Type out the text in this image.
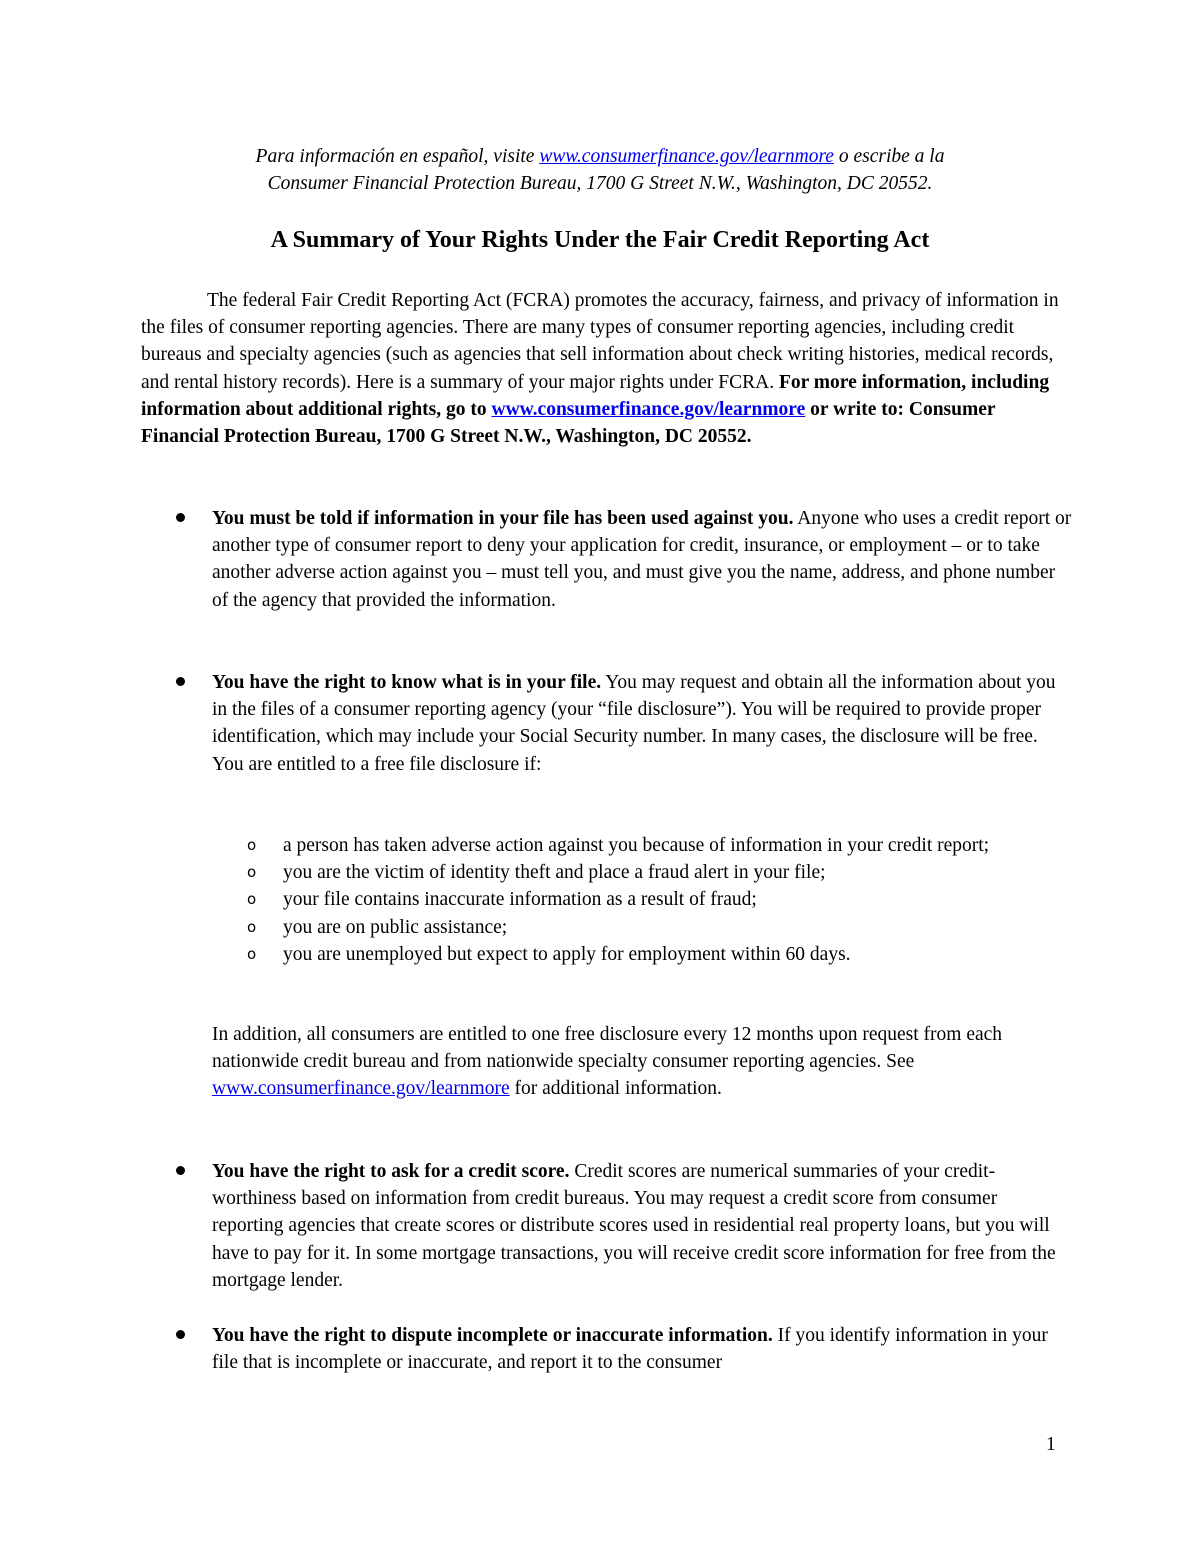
Para información en español, visite www.consumerfinance.gov/learnmore o escribe a la
Consumer Financial Protection Bureau, 1700 G Street N.W., Washington, DC 20552.
A Summary of Your Rights Under the Fair Credit Reporting Act

The federal Fair Credit Reporting Act (FCRA) promotes the accuracy, fairness, and privacy of information in the files of consumer reporting agencies. There are many types of consumer reporting agencies, including credit bureaus and specialty agencies (such as agencies that sell information about check writing histories, medical records, and rental history records). Here is a summary of your major rights under FCRA. For more information, including information about additional rights, go to www.consumerfinance.gov/learnmore or write to: Consumer Financial Protection Bureau, 1700 G Street N.W., Washington, DC 20552.

You must be told if information in your file has been used against you. Anyone who uses a credit report or another type of consumer report to deny your application for credit, insurance, or employment – or to take another adverse action against you – must tell you, and must give you the name, address, and phone number of the agency that provided the information.

You have the right to know what is in your file. You may request and obtain all the information about you in the files of a consumer reporting agency (your “file disclosure”). You will be required to provide proper identification, which may include your Social Security number. In many cases, the disclosure will be free. You are entitled to a free file disclosure if:

o a person has taken adverse action against you because of information in your credit report;
o you are the victim of identity theft and place a fraud alert in your file;
o your file contains inaccurate information as a result of fraud;
o you are on public assistance;
o you are unemployed but expect to apply for employment within 60 days.

In addition, all consumers are entitled to one free disclosure every 12 months upon request from each nationwide credit bureau and from nationwide specialty consumer reporting agencies. See www.consumerfinance.gov/learnmore for additional information.

You have the right to ask for a credit score. Credit scores are numerical summaries of your credit-worthiness based on information from credit bureaus. You may request a credit score from consumer reporting agencies that create scores or distribute scores used in residential real property loans, but you will have to pay for it. In some mortgage transactions, you will receive credit score information for free from the mortgage lender.

You have the right to dispute incomplete or inaccurate information. If you identify information in your file that is incomplete or inaccurate, and report it to the consumer

1
